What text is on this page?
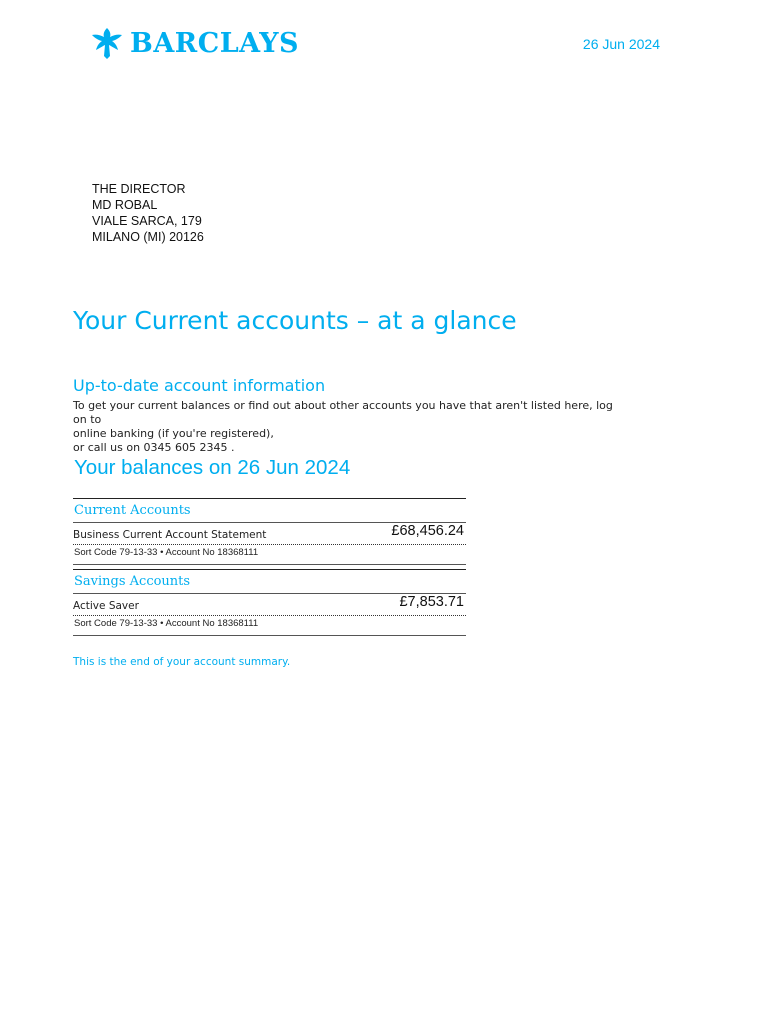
BARCLAYS	26 Jun 2024
THE DIRECTOR
MD ROBAL
VIALE SARCA, 179
MILANO (MI) 20126
Your Current accounts – at a glance
Up-to-date account information
To get your current balances or find out about other accounts you have that aren't listed here, log on to
online banking (if you're registered),
or call us on 0345 605 2345 .
Your balances on 26 Jun 2024
Current Accounts
Business Current Account Statement	£68,456.24
Sort Code 79-13-33 • Account No 18368111
Savings Accounts
Active Saver	£7,853.71
Sort Code 79-13-33 • Account No 18368111
This is the end of your account summary.
